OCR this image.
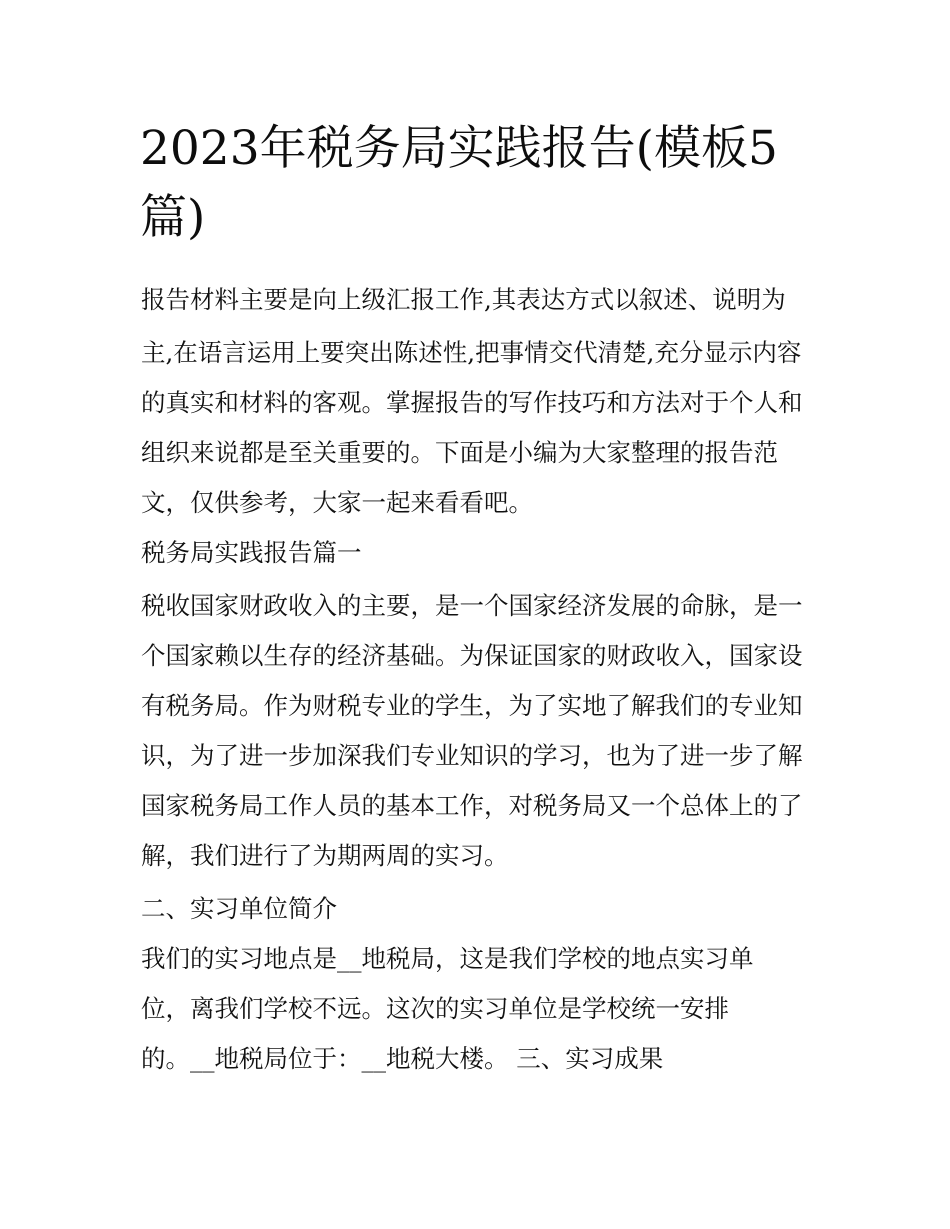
2023年税务局实践报告(模板5
篇)

报告材料主要是向上级汇报工作,其表达方式以叙述、说明为

主,在语言运用上要突出陈述性,把事情交代清楚,充分显示内容

的真实和材料的客观。掌握报告的写作技巧和方法对于个人和

组织来说都是至关重要的。下面是小编为大家整理的报告范

文，仅供参考，大家一起来看看吧。

税务局实践报告篇一

税收国家财政收入的主要，是一个国家经济发展的命脉，是一

个国家赖以生存的经济基础。为保证国家的财政收入，国家设

有税务局。作为财税专业的学生，为了实地了解我们的专业知

识，为了进一步加深我们专业知识的学习，也为了进一步了解

国家税务局工作人员的基本工作，对税务局又一个总体上的了

解，我们进行了为期两周的实习。

二、实习单位简介

我们的实习地点是__地税局，这是我们学校的地点实习单

位，离我们学校不远。这次的实习单位是学校统一安排

的。__地税局位于：__地税大楼。 三、实习成果
